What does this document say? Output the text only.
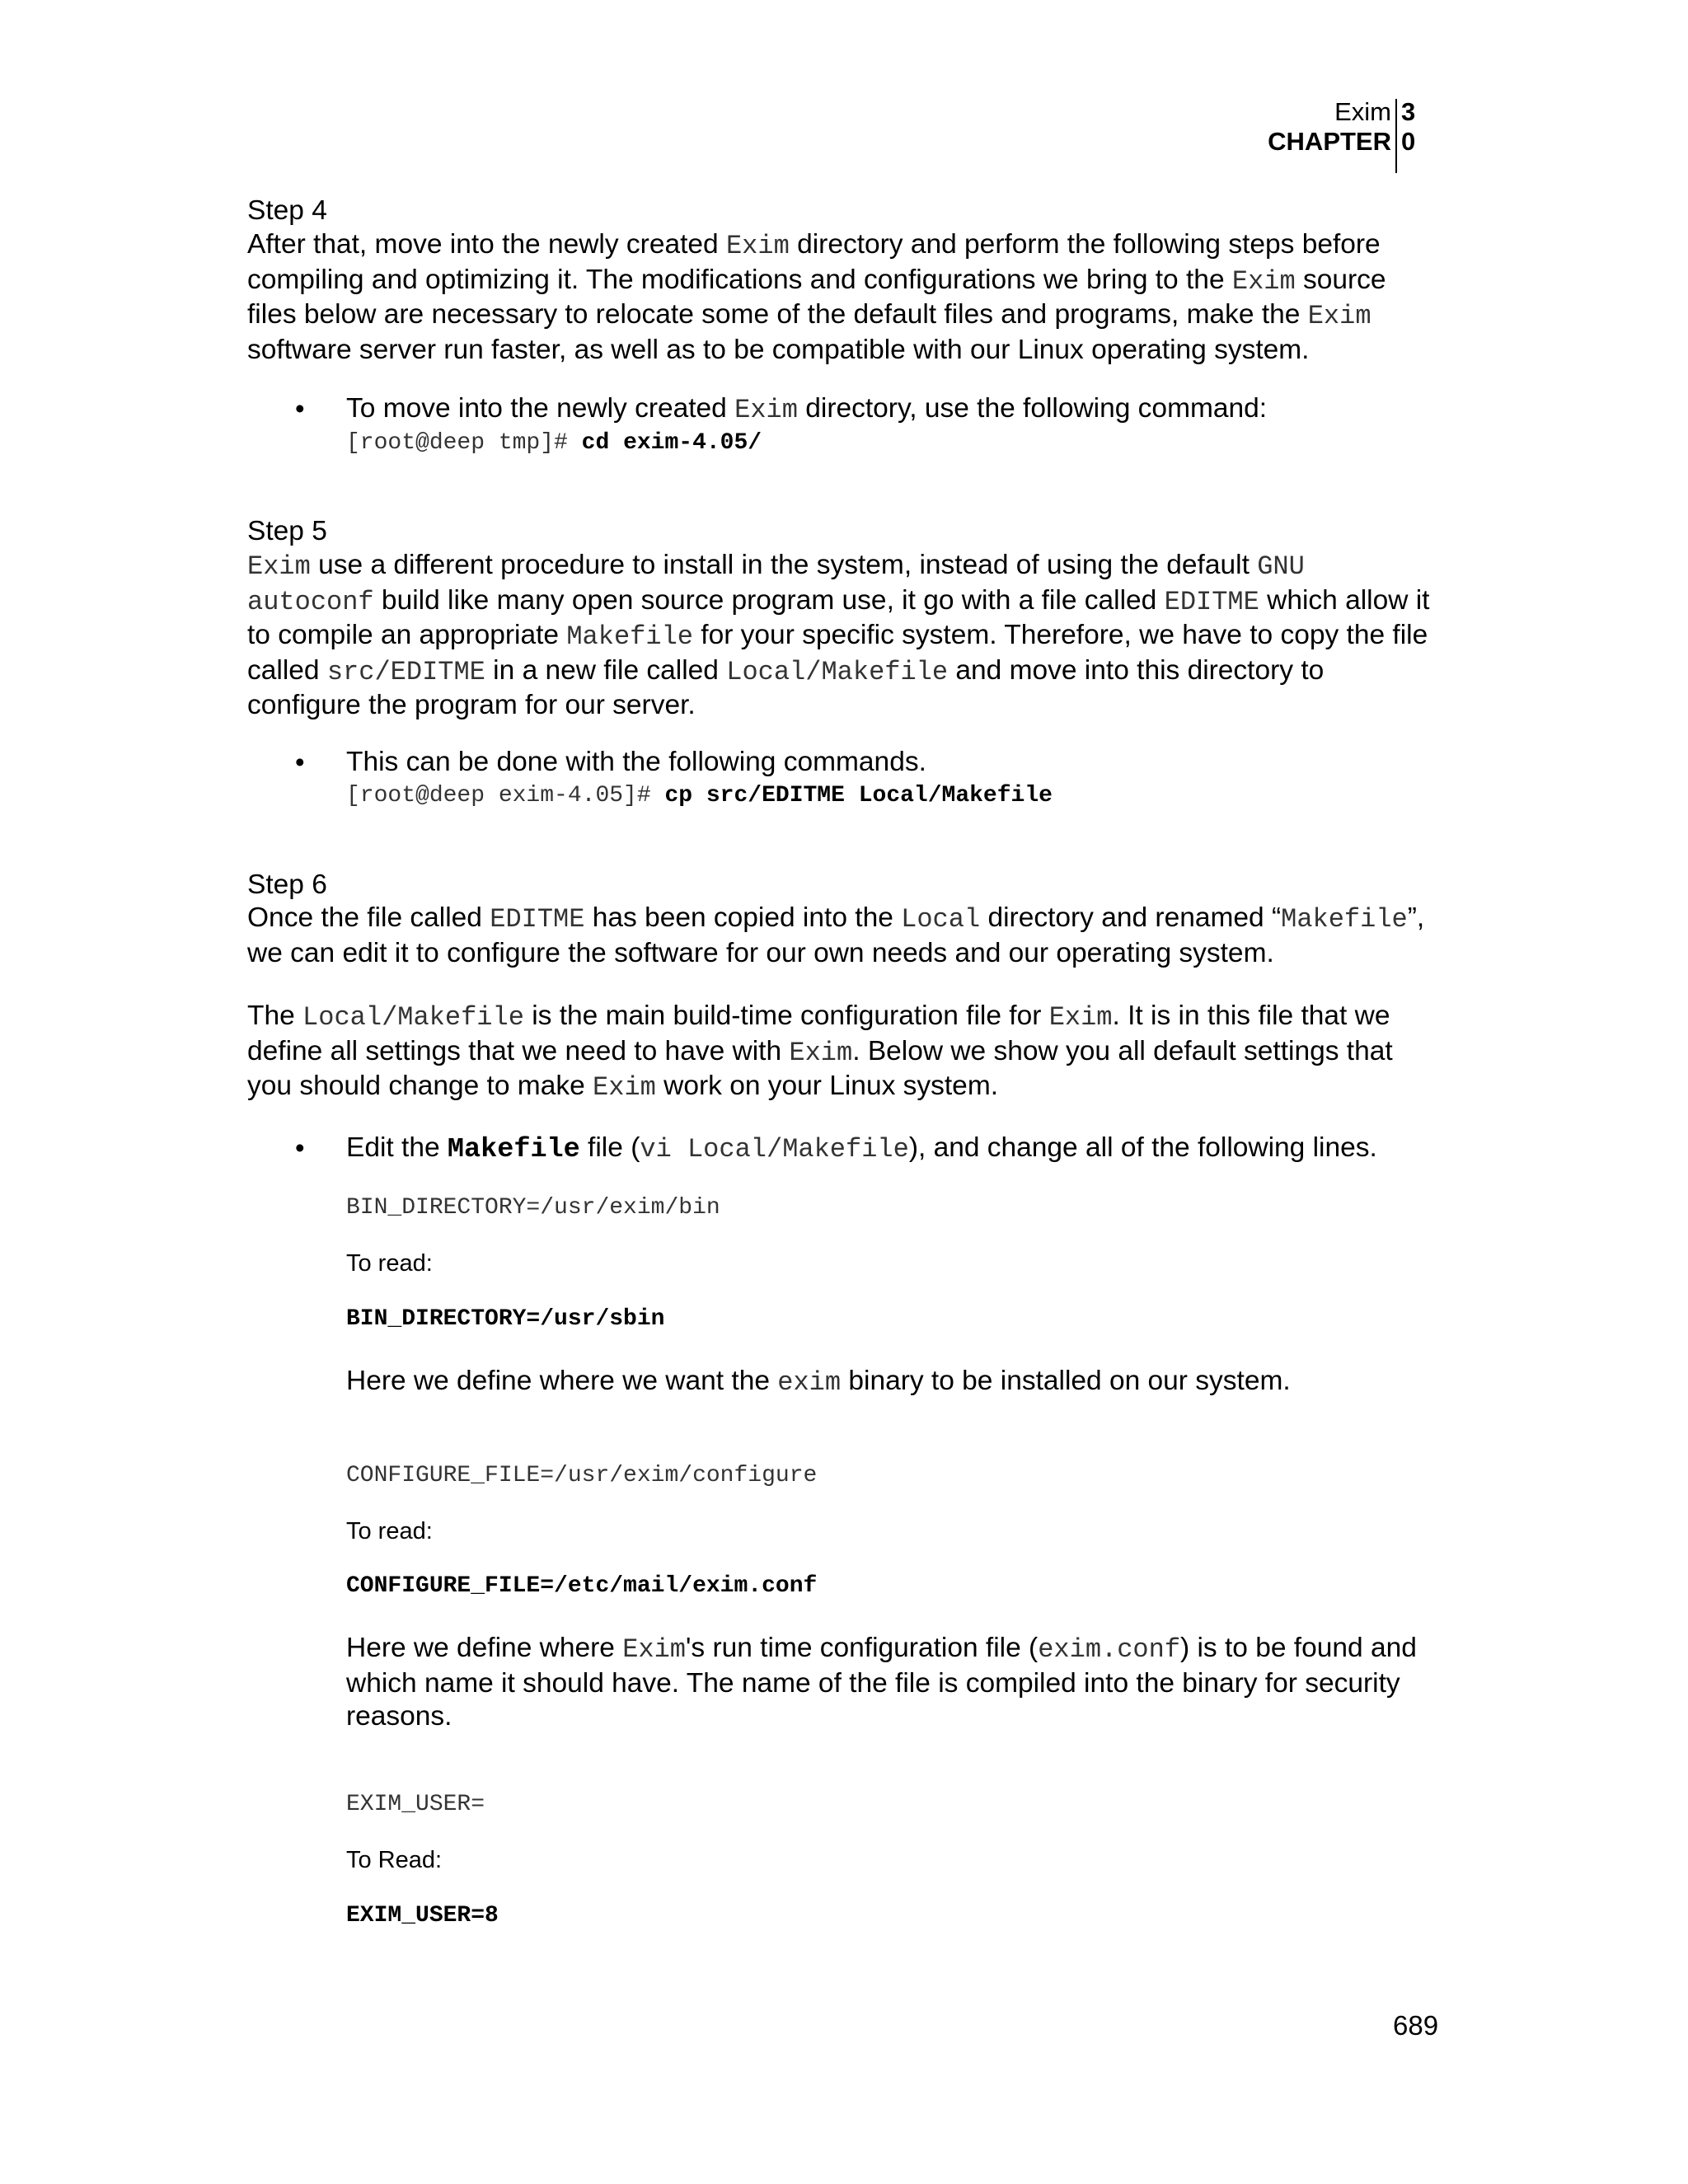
Exim
CHAPTER
3
0
Step 4
After that, move into the newly created Exim directory and perform the following steps before compiling and optimizing it. The modifications and configurations we bring to the Exim source files below are necessary to relocate some of the default files and programs, make the Exim software server run faster, as well as to be compatible with our Linux operating system.
• To move into the newly created Exim directory, use the following command:
[root@deep tmp]# cd exim-4.05/
Step 5
Exim use a different procedure to install in the system, instead of using the default GNU autoconf build like many open source program use, it go with a file called EDITME which allow it to compile an appropriate Makefile for your specific system. Therefore, we have to copy the file called src/EDITME in a new file called Local/Makefile and move into this directory to configure the program for our server.
• This can be done with the following commands.
[root@deep exim-4.05]# cp src/EDITME Local/Makefile
Step 6
Once the file called EDITME has been copied into the Local directory and renamed “Makefile”, we can edit it to configure the software for our own needs and our operating system.
The Local/Makefile is the main build-time configuration file for Exim. It is in this file that we define all settings that we need to have with Exim. Below we show you all default settings that you should change to make Exim work on your Linux system.
• Edit the Makefile file (vi Local/Makefile), and change all of the following lines.
BIN_DIRECTORY=/usr/exim/bin
To read:
BIN_DIRECTORY=/usr/sbin
Here we define where we want the exim binary to be installed on our system.
CONFIGURE_FILE=/usr/exim/configure
To read:
CONFIGURE_FILE=/etc/mail/exim.conf
Here we define where Exim's run time configuration file (exim.conf) is to be found and which name it should have. The name of the file is compiled into the binary for security reasons.
EXIM_USER=
To Read:
EXIM_USER=8
689
